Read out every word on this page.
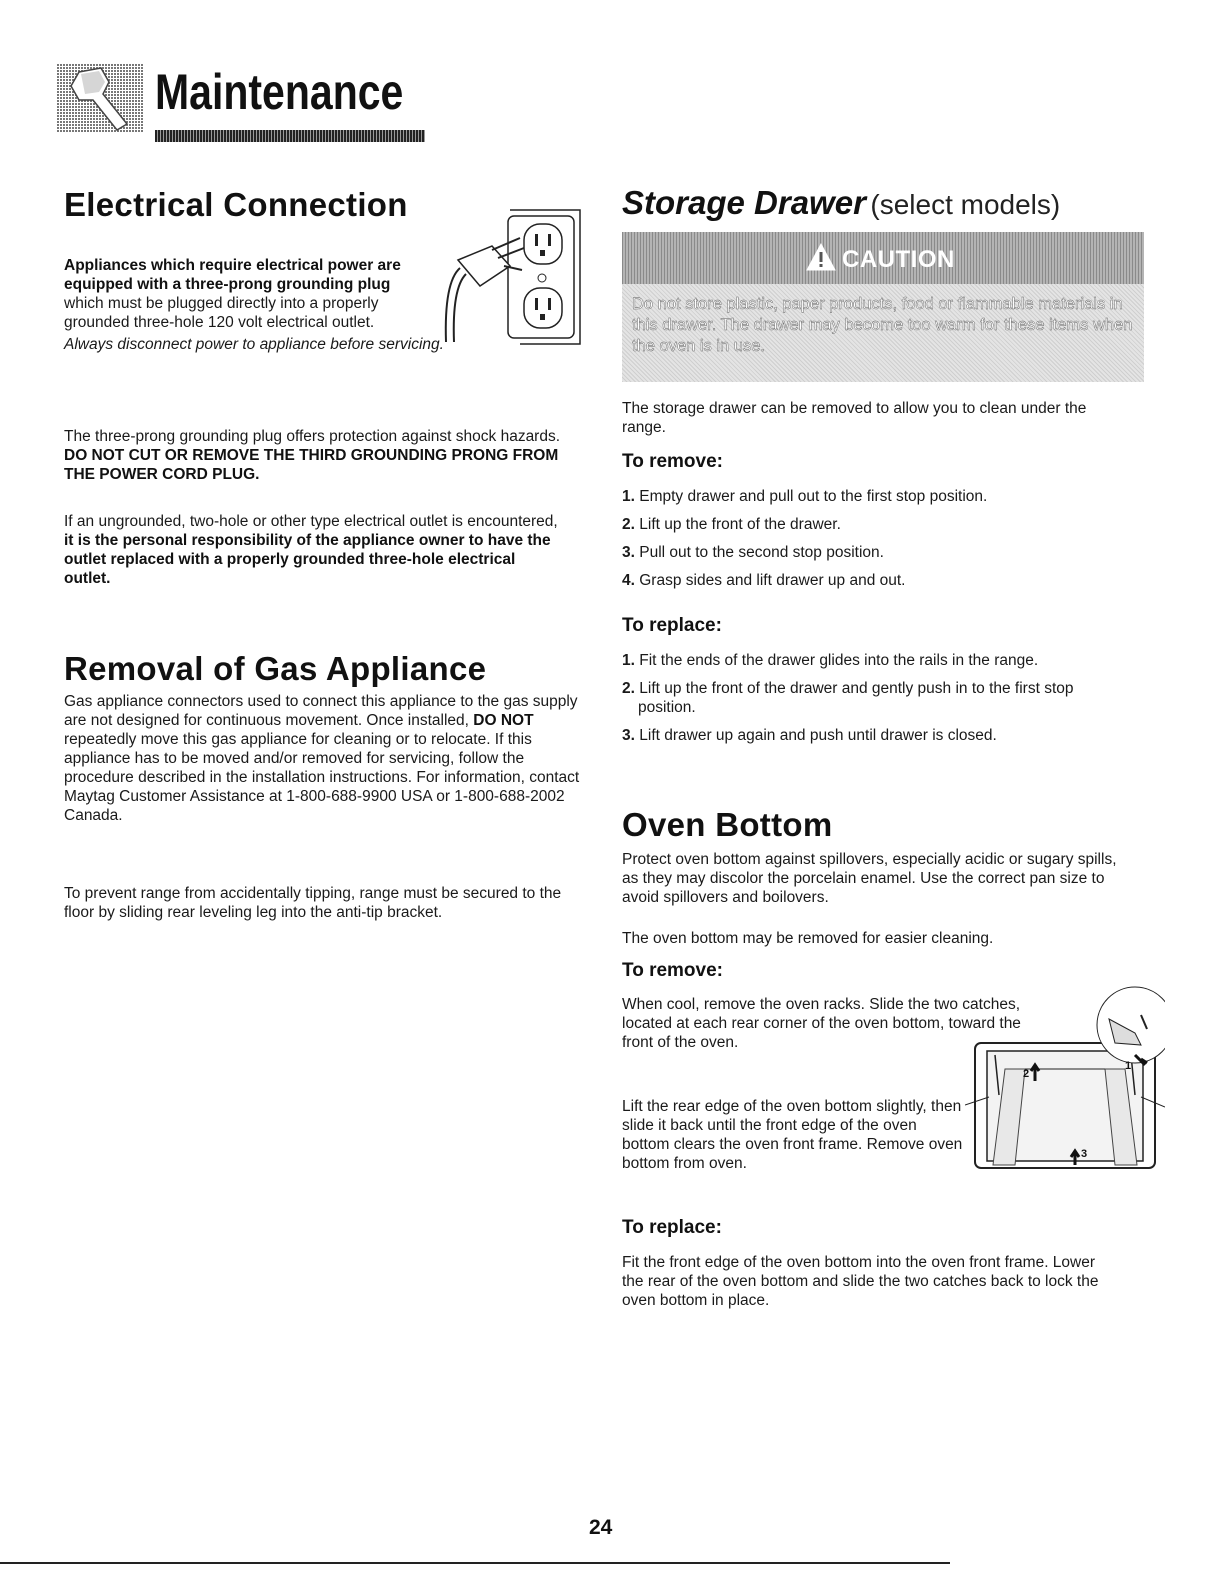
Maintenance
Electrical Connection

Appliances which require electrical power are equipped with a three-prong grounding plug which must be plugged directly into a properly grounded three-hole 120 volt electrical outlet.

Always disconnect power to appliance before servicing.

The three-prong grounding plug offers protection against shock hazards. DO NOT CUT OR REMOVE THE THIRD GROUNDING PRONG FROM THE POWER CORD PLUG.

If an ungrounded, two-hole or other type electrical outlet is encountered, it is the personal responsibility of the appliance owner to have the outlet replaced with a properly grounded three-hole electrical outlet.

Removal of Gas Appliance

Gas appliance connectors used to connect this appliance to the gas supply are not designed for continuous movement. Once installed, DO NOT repeatedly move this gas appliance for cleaning or to relocate. If this appliance has to be moved and/or removed for servicing, follow the procedure described in the installation instructions. For information, contact Maytag Customer Assistance at 1-800-688-9900 USA or 1-800-688-2002 Canada.

To prevent range from accidentally tipping, range must be secured to the floor by sliding rear leveling leg into the anti-tip bracket.

Storage Drawer (select models)
CAUTION

Do not store plastic, paper products, food or flammable materials in this drawer. The drawer may become too warm for these items when the oven is in use.

The storage drawer can be removed to allow you to clean under the range.

To remove:
1. Empty drawer and pull out to the first stop position.
2. Lift up the front of the drawer.
3. Pull out to the second stop position.
4. Grasp sides and lift drawer up and out.
To replace:
1. Fit the ends of the drawer glides into the rails in the range.
2. Lift up the front of the drawer and gently push in to the first stop position.
3. Lift drawer up again and push until drawer is closed.
Oven Bottom

Protect oven bottom against spillovers, especially acidic or sugary spills, as they may discolor the porcelain enamel. Use the correct pan size to avoid spillovers and boilovers.

The oven bottom may be removed for easier cleaning.

To remove:

When cool, remove the oven racks. Slide the two catches, located at each rear corner of the oven bottom, toward the front of the oven.

Lift the rear edge of the oven bottom slightly, then slide it back until the front edge of the oven bottom clears the oven front frame. Remove oven bottom from oven.

1
2
3
To replace:

Fit the front edge of the oven bottom into the oven front frame. Lower the rear of the oven bottom and slide the two catches back to lock the oven bottom in place.

24
